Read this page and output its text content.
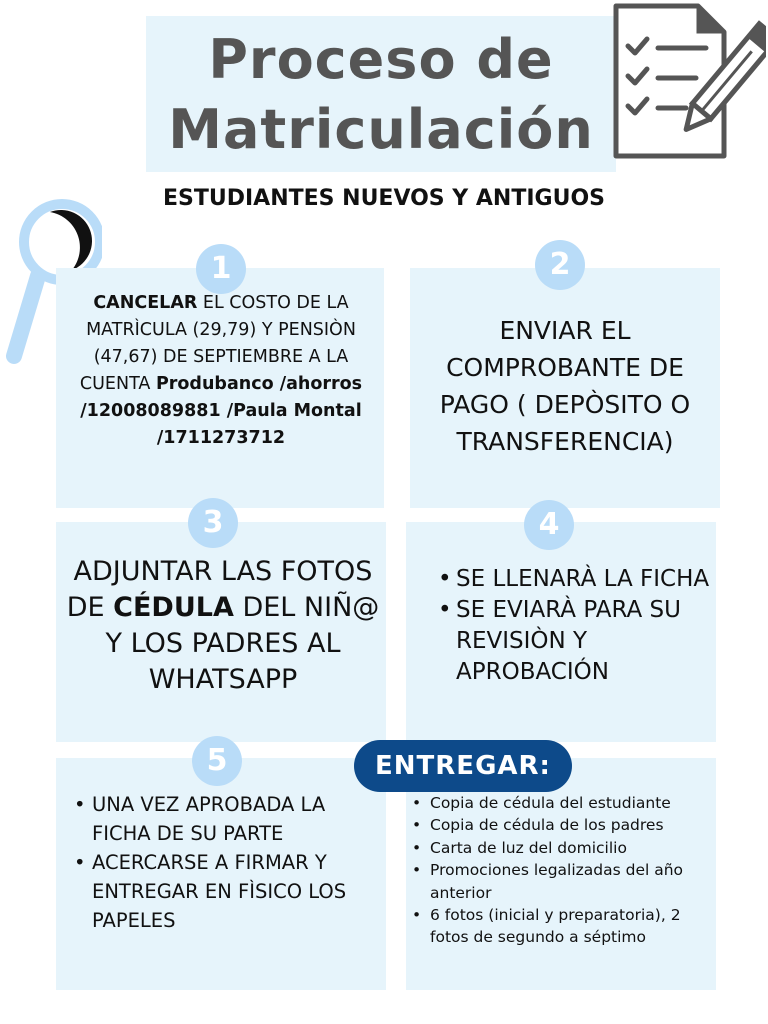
Proceso de
Matriculación
ESTUDIANTES NUEVOS Y ANTIGUOS
1
CANCELAR EL COSTO DE LA MATRÌCULA (29,79) Y PENSIÒN (47,67) DE SEPTIEMBRE A LA CUENTA Produbanco /ahorros /12008089881 /Paula Montal /1711273712
2
ENVIAR EL COMPROBANTE DE PAGO ( DEPÒSITO O TRANSFERENCIA)
3
ADJUNTAR LAS FOTOS DE CÉDULA DEL NIÑ@ Y LOS PADRES AL WHATSAPP
4
• SE LLENARÀ LA FICHA
• SE EVIARÀ PARA SU REVISIÒN Y APROBACIÓN
5
• UNA VEZ APROBADA LA FICHA DE SU PARTE
• ACERCARSE A FIRMAR Y ENTREGAR EN FÌSICO LOS PAPELES
ENTREGAR:
• Copia de cédula del estudiante
• Copia de cédula de los padres
• Carta de luz del domicilio
• Promociones legalizadas del año anterior
• 6 fotos (inicial y preparatoria), 2 fotos de segundo a séptimo
